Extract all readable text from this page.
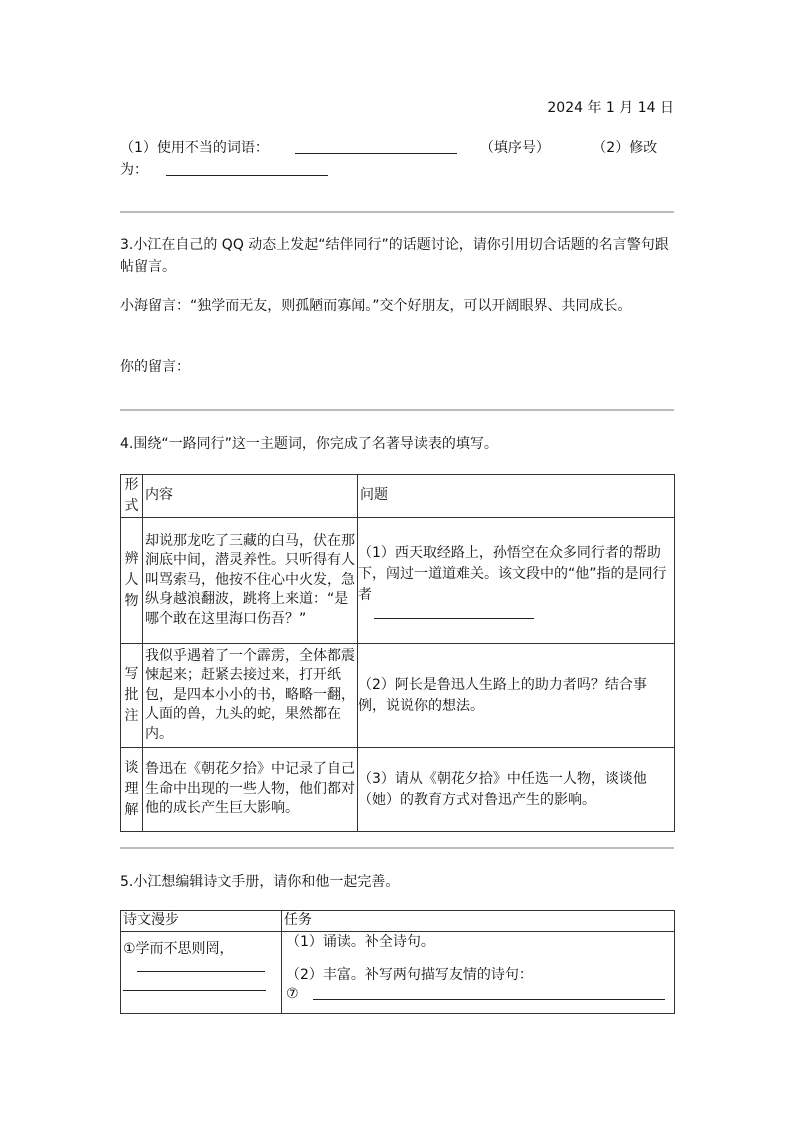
2024 年 1 月 14 日
（1）使用不当的词语：	（填序号）	（2）修改
为：
3.小江在自己的 QQ 动态上发起“结伴同行”的话题讨论，请你引用切合话题的名言警句跟帖留言。
小海留言：“独学而无友，则孤陋而寡闻。”交个好朋友，可以开阔眼界、共同成长。
你的留言：
4.围绕“一路同行”这一主题词，你完成了名著导读表的填写。
形式	内容	问题
辨人物	却说那龙吃了三藏的白马，伏在那涧底中间，潜灵养性。只听得有人叫骂索马，他按不住心中火发，急纵身越浪翻波，跳将上来道：“是哪个敢在这里海口伤吾？”	（1）西天取经路上，孙悟空在众多同行者的帮助下，闯过一道道难关。该文段中的“他”指的是同行者

写批注	我似乎遇着了一个霹雳，全体都震悚起来；赶紧去接过来，打开纸包，是四本小小的书，略略一翻，人面的兽，九头的蛇，果然都在内。	（2）阿长是鲁迅人生路上的助力者吗？结合事例，说说你的想法。
谈理解	鲁迅在《朝花夕拾》中记录了自己生命中出现的一些人物，他们都对他的成长产生巨大影响。	（3）请从《朝花夕拾》中任选一人物，谈谈他（她）的教育方式对鲁迅产生的影响。
5.小江想编辑诗文手册，请你和他一起完善。
诗文漫步	任务

①学而不思则罔，	（1）诵读。补全诗句。
（2）丰富。补写两句描写友情的诗句：
⑦
